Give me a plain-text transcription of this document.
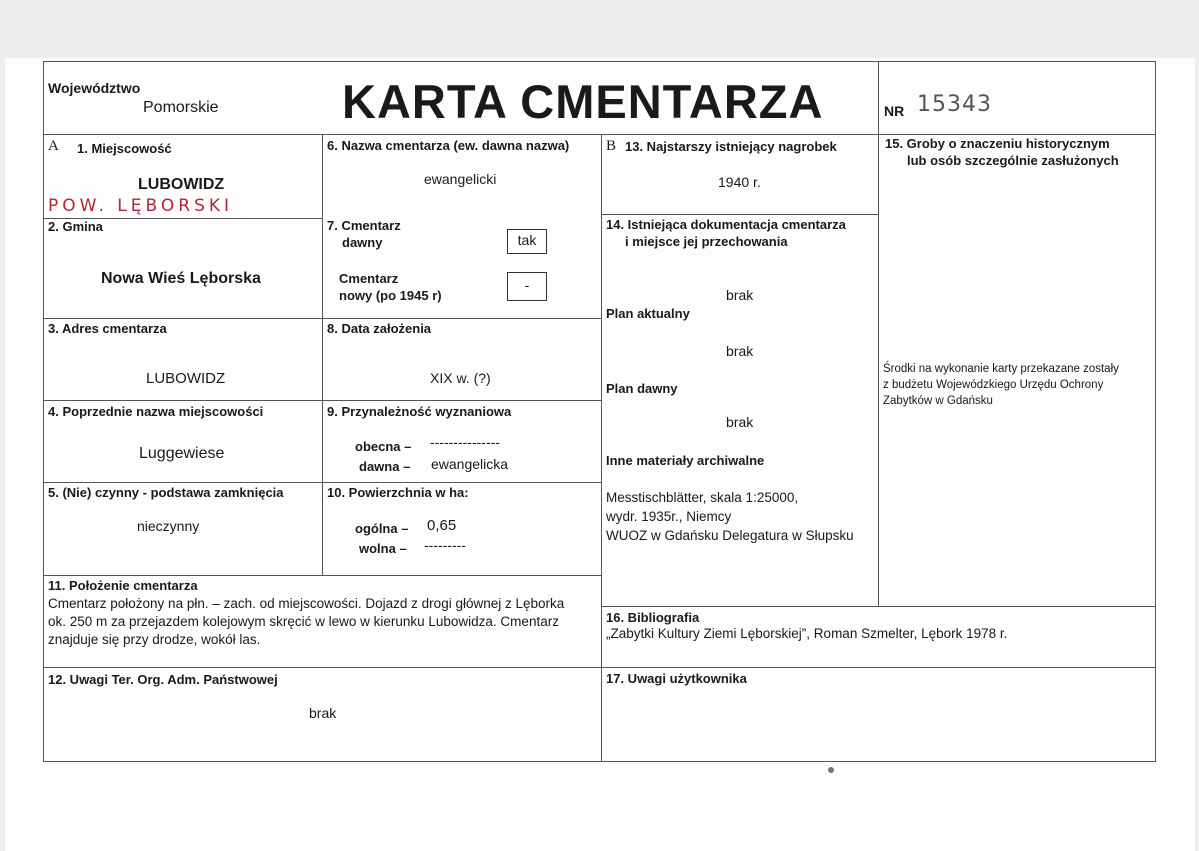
Województwo
Pomorskie	KARTA CMENTARZA	NR 15343
A 1. Miejscowość
LUBOWIDZ
POW. LĘBORSKI
2. Gmina
Nowa Wieś Lęborska
3. Adres cmentarza
LUBOWIDZ
4. Poprzednie nazwa miejscowości
Luggewiese
5. (Nie) czynny - podstawa zamknięcia
nieczynny
6. Nazwa cmentarza (ew. dawna nazwa)
ewangelicki
7. Cmentarz
dawny	tak
Cmentarz
nowy (po 1945 r)
-
8. Data założenia
XIX w. (?)
9. Przynależność wyznaniowa
obecna – ---------------
dawna – ewangelicka
10. Powierzchnia w ha:
ogólna – 0,65
wolna – ---------
11. Położenie cmentarza
Cmentarz położony na płn. – zach. od miejscowości. Dojazd z drogi głównej z Lęborka
ok. 250 m za przejazdem kolejowym skręcić w lewo w kierunku Lubowidza. Cmentarz
znajduje się przy drodze, wokół las.
12. Uwagi Ter. Org. Adm. Państwowej
brak
B 13. Najstarszy istniejący nagrobek
1940 r.
14. Istniejąca dokumentacja cmentarza
i miejsce jej przechowania
brak
Plan aktualny
brak
Plan dawny
brak
Inne materiały archiwalne
Messtischblätter, skala 1:25000,
wydr. 1935r., Niemcy
WUOZ w Gdańsku Delegatura w Słupsku
15. Groby o znaczeniu historycznym
lub osób szczególnie zasłużonych
Środki na wykonanie karty przekazane zostały
z budżetu Wojewódzkiego Urzędu Ochrony
Zabytków w Gdańsku
16. Bibliografia
„Zabytki Kultury Ziemi Lęborskiej”, Roman Szmelter, Lębork 1978 r.
17. Uwagi użytkownika
